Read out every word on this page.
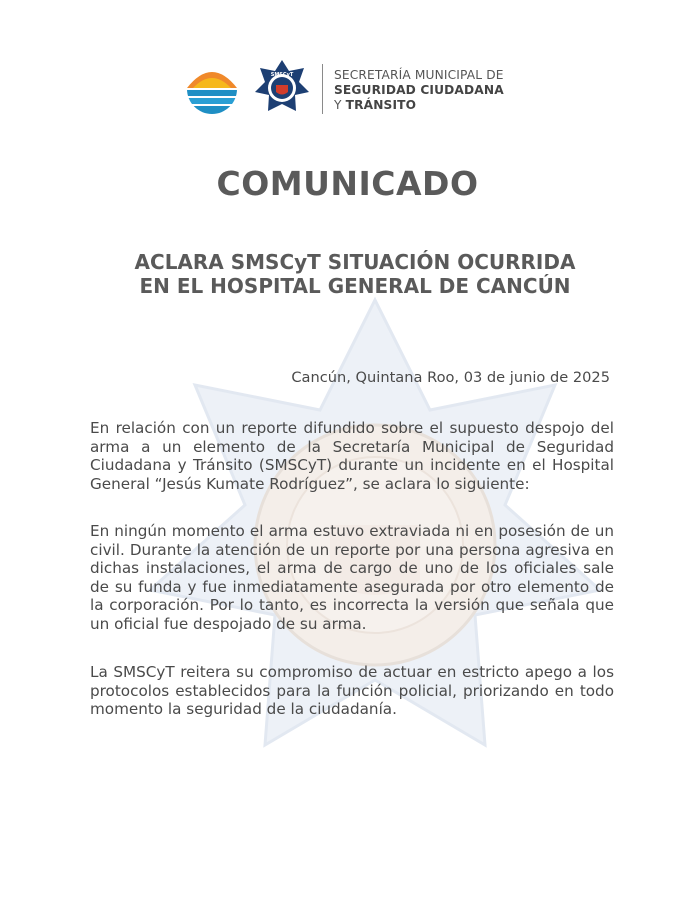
SMSCyT	SECRETARÍA MUNICIPAL DE
SEGURIDAD CIUDADANA
Y TRÁNSITO
COMUNICADO
ACLARA SMSCyT SITUACIÓN OCURRIDA
EN EL HOSPITAL GENERAL DE CANCÚN
Cancún, Quintana Roo, 03 de junio de 2025

En relación con un reporte difundido sobre el supuesto despojo del arma a un elemento de la Secretaría Municipal de Seguridad Ciudadana y Tránsito (SMSCyT) durante un incidente en el Hospital General “Jesús Kumate Rodríguez”, se aclara lo siguiente:

En ningún momento el arma estuvo extraviada ni en posesión de un civil. Durante la atención de un reporte por una persona agresiva en dichas instalaciones, el arma de cargo de uno de los oficiales sale de su funda y fue inmediatamente asegurada por otro elemento de la corporación. Por lo tanto, es incorrecta la versión que señala que un oficial fue despojado de su arma.

La SMSCyT reitera su compromiso de actuar en estricto apego a los protocolos establecidos para la función policial, priorizando en todo momento la seguridad de la ciudadanía.
